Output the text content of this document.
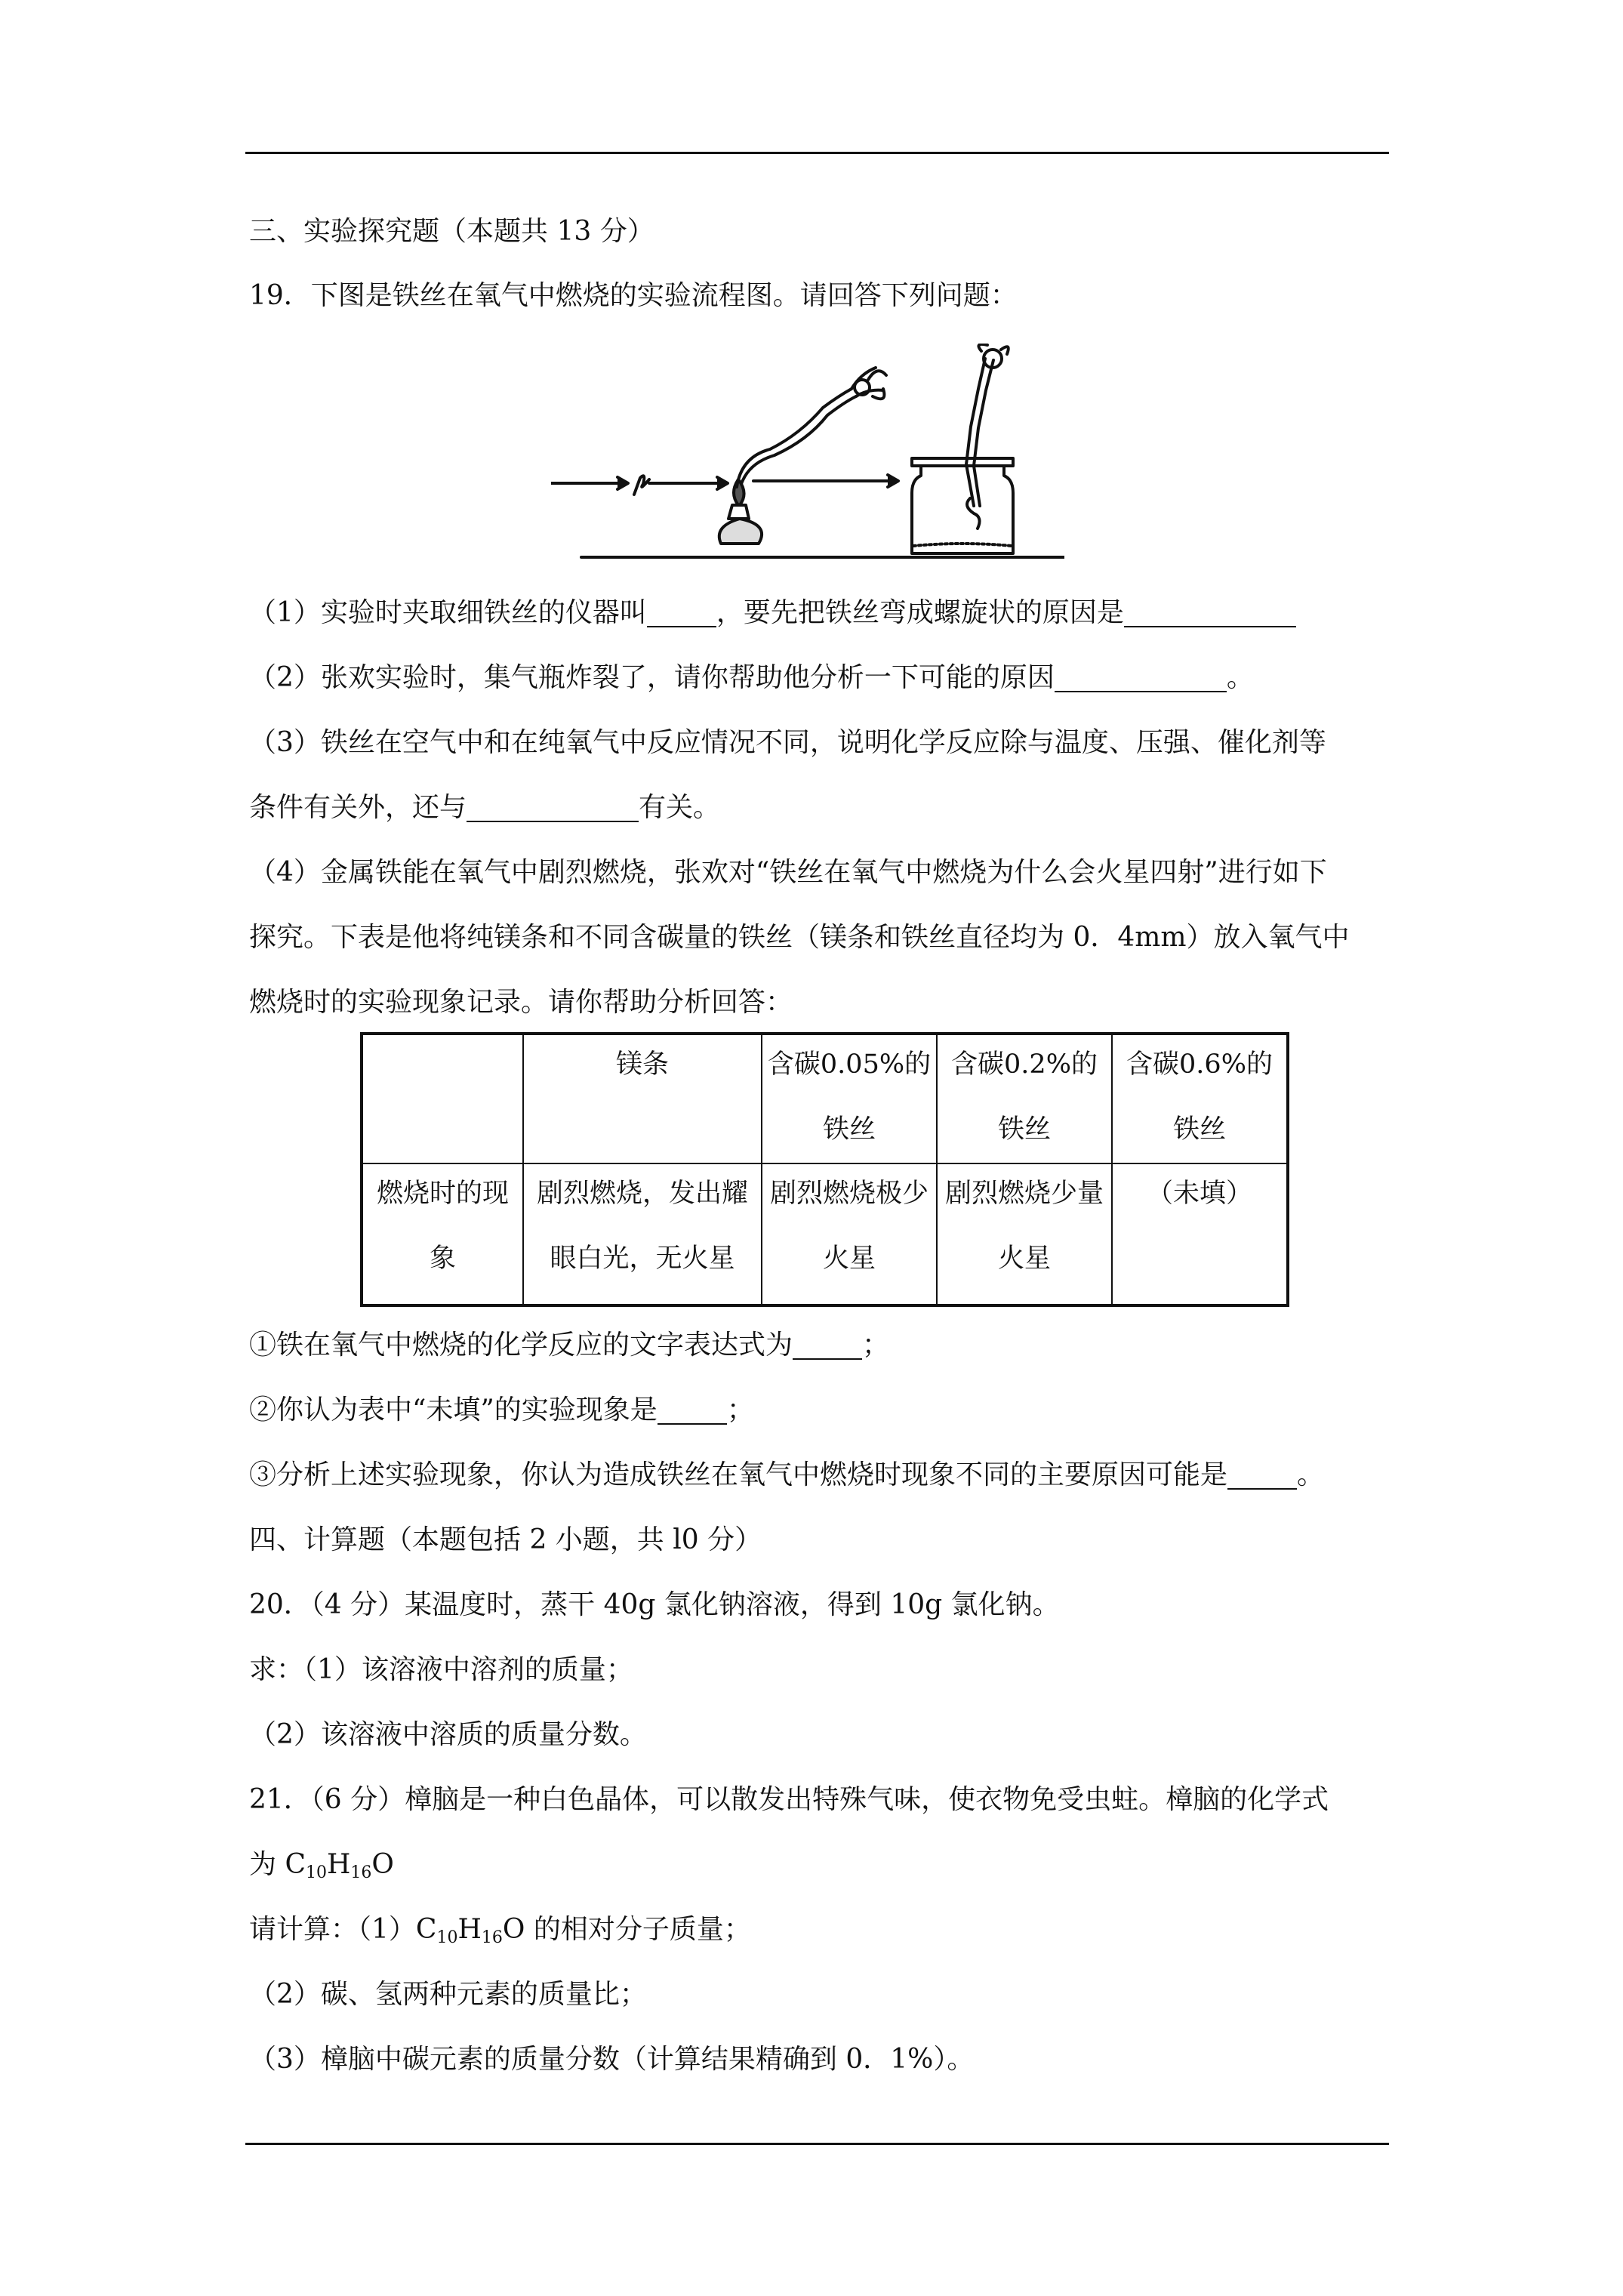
三、实验探究题（本题共 13 分）
19．下图是铁丝在氧气中燃烧的实验流程图。请回答下列问题：
（1）实验时夹取细铁丝的仪器叫	，要先把铁丝弯成螺旋状的原因是
（2）张欢实验时，集气瓶炸裂了，请你帮助他分析一下可能的原因	。
（3）铁丝在空气中和在纯氧气中反应情况不同，说明化学反应除与温度、压强、催化剂等
条件有关外，还与	有关。
（4）金属铁能在氧气中剧烈燃烧，张欢对“铁丝在氧气中燃烧为什么会火星四射”进行如下
探究。下表是他将纯镁条和不同含碳量的铁丝（镁条和铁丝直径均为 0．4mm）放入氧气中
燃烧时的实验现象记录。请你帮助分析回答：

	镁条	含碳0.05%的铁丝	含碳0.2%的铁丝	含碳0.6%的铁丝

燃烧时的现象	剧烈燃烧，发出耀眼白光，无火星	剧烈燃烧极少火星	剧烈燃烧少量火星	（未填）
①铁在氧气中燃烧的化学反应的文字表达式为	；
②你认为表中“未填”的实验现象是	；
③分析上述实验现象，你认为造成铁丝在氧气中燃烧时现象不同的主要原因可能是	。
四、计算题（本题包括 2 小题，共 l0 分）
20．（4 分）某温度时，蒸干 40g 氯化钠溶液，得到 10g 氯化钠。
求：（1）该溶液中溶剂的质量；
（2）该溶液中溶质的质量分数。
21．（6 分）樟脑是一种白色晶体，可以散发出特殊气味，使衣物免受虫蛀。樟脑的化学式
为 $C_{10}H_{16}O$
请计算：$(1)C_{10}H_{16}O$ 的相对分子质量；
（2）碳、氢两种元素的质量比；
（3）樟脑中碳元素的质量分数（计算结果精确到 0．1%）。
